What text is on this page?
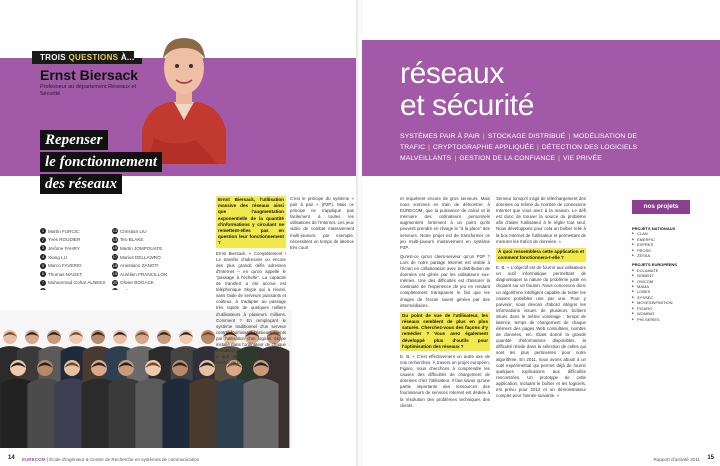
TROIS QUESTIONS À...
Ernst Biersack
Professeur au département Réseaux et Sécurité
Repenser
le fonctionnement
des réseaux
1 Martin FURCIC
2 Yves ROUDIER
3 Jérôme FAHRY
4 Xiang LU
5 Marco FAVERIO
6 Thomas MAGET
7 Muhammad Gohar ALNEES
14 Christian LIU
15 Teo BLAKE
16 Martin JOMPOUATE
17 Marius DELLAWRO
18 Anestiano ZANOTI
19 Aurélien FRANCILLON
20 Olivier BOGACK
Ernst Biersack, l'utilisation massive des réseaux ainsi que l'augmentation exponentielle de la quantité d'informations y circulant ne remettent-elles pas en question leur fonctionnement ?

Ernst Biersack. « Complètement ! Le transfer d'adresses ou encore des plus grands défis adresses d'Internet – en qu'on appelle le "passage à l'échelle". La capacité de transfert a été accrue est téléphonique Skype qui a réussi, sans l'aide de serveurs puissants et coûteux, à s'adapter au passage très rapide de quelques milliers d'utilisateurs à plusieurs millions. Comment ? En remplaçant le système traditionnel d'un serveur central fournissant plusieurs clients par l'utilisation d'un logiciel Skype installé dans l'ordinateur de chaque utilisateur, qui permettent de mettre à leur tour leurs ressources au service de tous.

C'est le principe du système « pair à pair » (P2P). Mais ce principe ne s'applique pas facilement à toutes les utilisations de l'Internet. Les jeux vidéo de combat massivement multi-joueurs, par exemple, nécessitent un temps de latence très court

14 EURECOM | École d'ingénieur & Centre de Recherche en systèmes de communication
réseaux
et sécurité
SYSTÈMES PAIR À PAIR | STOCKAGE DISTRIBUÉ | MODÉLISATION DE TRAFIC | CRYPTOGRAPHIE APPLIQUÉE | DÉTECTION DES LOGICIELS MALVEILLANTS | GESTION DE LA CONFIANCE | VIE PRIVÉE

et requièrent encore de gros serveurs. Mais nous sommes en train de démontrer, à EURECOM, que la puissance de calcul et la mémoire des ordinateurs personnels augmentent fortement à un point qu'ils peuvent prendre en charge le "à la place" des serveurs. Notre projet est de transformer ce jeu multi-joueurs massivement en système P2P.

Qu'est-ce qu'un client-serveur qu'un P2P ? Lors de notre partage Internet est visible à l'écran en collaboration avec la distribution de données est gérée par les utilisateurs eux-mêmes. Une des difficultés est d'assurer la continuité de l'expérience de jeu en rendant complètement transparent le fait que les images de l'écran soient gérées par des intermédiaires.

Du point de vue de l'utilisateur, les réseaux semblent de plus en plus saturés. Cherchez-vous des façons d'y remédier ? Vous avez également développé plus d'outils pour l'optimisation des réseaux ?

E. B. « C'est effectivement un autre axe de nos recherches. À travers un projet européen, Figaro, nous cherchons à comprendre les causes des difficultés de chargement de données chez l'utilisateur. Il faut savoir qu'une partie importante des ressources des fournisseurs de services Internet est dédiée à la résolution des problèmes techniques des clients.

Serveur lorsqu'il s'agit de téléchargement des données ou même du nombre de connexions Internet que vous avez à la maison. Le défi est donc de trouver la source du problème afin d'aider l'utilisateur à le régler tout seul. Nous développons pour cela un boîtier relié à la box Internet de l'utilisateur et permettant de mesurer les trafics de données. »

À quoi ressemblera cette application et comment fonctionnera-t-elle ?

E. B. « L'objectif est de fournir aux utilisateurs un outil informatique permettant de diagnostiquer la nature du problème juste en cliquant sur un bouton. Nous concevons donc un algorithme intelligent capable de tester les causes possibles une par une. Pour y parvenir, nous devons d'abord intégrer les informations issues de plusieurs boîtiers situés dans le même voisinage : temps de latence, temps de chargement de chaque élément des pages Web consultées, nombre de données, etc. Étant donné la grande quantité d'informations disponibles, la difficulté réside dans la sélection de celles qui sont les plus pertinentes pour notre algorithme. En 2011, nous avons abouti à un outil expérimental qui permet déjà de fournir quelques explications aux difficultés rencontrées. Un prototype de cette application, incluant le boîtier et les logiciels, est prévu pour 2012 et un démonstrateur complet pour l'année suivante. »

nos projets
PROJETS NATIONAUX
▶ CLAN
▶ EMERFIC
▶ EXPRES
▶ PROSE
▶ ZESSA
PROJETS EUROPÉENS
▶ ECLAMATE
▶ NOBENT
▶ OWCOM
▶ MAMA
▶ LOBES
▶ SYSSEC
▶ MOVESINFINITION
▶ FIGARO
▶ WOMBAT
▶ PHI-SERIES
Rapport d'activité 2011 15
